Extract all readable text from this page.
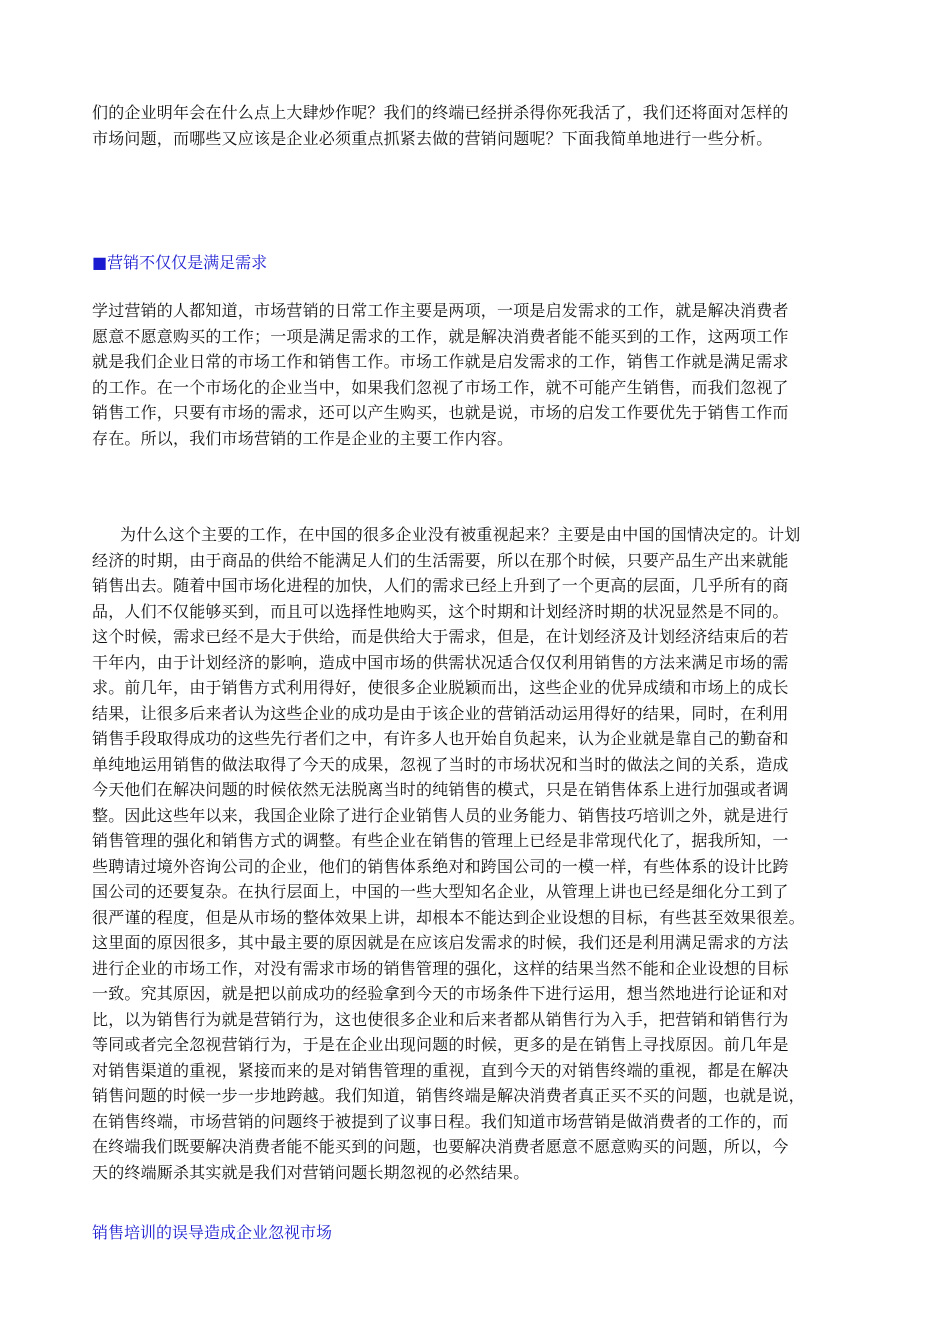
们的企业明年会在什么点上大肆炒作呢？我们的终端已经拼杀得你死我活了，我们还将面对怎样的
市场问题，而哪些又应该是企业必须重点抓紧去做的营销问题呢？下面我简单地进行一些分析。
■营销不仅仅是满足需求
学过营销的人都知道，市场营销的日常工作主要是两项，一项是启发需求的工作，就是解决消费者
愿意不愿意购买的工作；一项是满足需求的工作，就是解决消费者能不能买到的工作，这两项工作
就是我们企业日常的市场工作和销售工作。市场工作就是启发需求的工作，销售工作就是满足需求
的工作。在一个市场化的企业当中，如果我们忽视了市场工作，就不可能产生销售，而我们忽视了
销售工作，只要有市场的需求，还可以产生购买，也就是说，市场的启发工作要优先于销售工作而
存在。所以，我们市场营销的工作是企业的主要工作内容。
为什么这个主要的工作，在中国的很多企业没有被重视起来？主要是由中国的国情决定的。计划
经济的时期，由于商品的供给不能满足人们的生活需要，所以在那个时候，只要产品生产出来就能
销售出去。随着中国市场化进程的加快，人们的需求已经上升到了一个更高的层面，几乎所有的商
品，人们不仅能够买到，而且可以选择性地购买，这个时期和计划经济时期的状况显然是不同的。
这个时候，需求已经不是大于供给，而是供给大于需求，但是，在计划经济及计划经济结束后的若
干年内，由于计划经济的影响，造成中国市场的供需状况适合仅仅利用销售的方法来满足市场的需
求。前几年，由于销售方式利用得好，使很多企业脱颖而出，这些企业的优异成绩和市场上的成长
结果，让很多后来者认为这些企业的成功是由于该企业的营销活动运用得好的结果，同时，在利用
销售手段取得成功的这些先行者们之中，有许多人也开始自负起来，认为企业就是靠自己的勤奋和
单纯地运用销售的做法取得了今天的成果，忽视了当时的市场状况和当时的做法之间的关系，造成
今天他们在解决问题的时候依然无法脱离当时的纯销售的模式，只是在销售体系上进行加强或者调
整。因此这些年以来，我国企业除了进行企业销售人员的业务能力、销售技巧培训之外，就是进行
销售管理的强化和销售方式的调整。有些企业在销售的管理上已经是非常现代化了，据我所知，一
些聘请过境外咨询公司的企业，他们的销售体系绝对和跨国公司的一模一样，有些体系的设计比跨
国公司的还要复杂。在执行层面上，中国的一些大型知名企业，从管理上讲也已经是细化分工到了
很严谨的程度，但是从市场的整体效果上讲，却根本不能达到企业设想的目标，有些甚至效果很差。
这里面的原因很多，其中最主要的原因就是在应该启发需求的时候，我们还是利用满足需求的方法
进行企业的市场工作，对没有需求市场的销售管理的强化，这样的结果当然不能和企业设想的目标
一致。究其原因，就是把以前成功的经验拿到今天的市场条件下进行运用，想当然地进行论证和对
比，以为销售行为就是营销行为，这也使很多企业和后来者都从销售行为入手，把营销和销售行为
等同或者完全忽视营销行为，于是在企业出现问题的时候，更多的是在销售上寻找原因。前几年是
对销售渠道的重视，紧接而来的是对销售管理的重视，直到今天的对销售终端的重视，都是在解决
销售问题的时候一步一步地跨越。我们知道，销售终端是解决消费者真正买不买的问题，也就是说，
在销售终端，市场营销的问题终于被提到了议事日程。我们知道市场营销是做消费者的工作的，而
在终端我们既要解决消费者能不能买到的问题，也要解决消费者愿意不愿意购买的问题，所以，今
天的终端厮杀其实就是我们对营销问题长期忽视的必然结果。
销售培训的误导造成企业忽视市场
